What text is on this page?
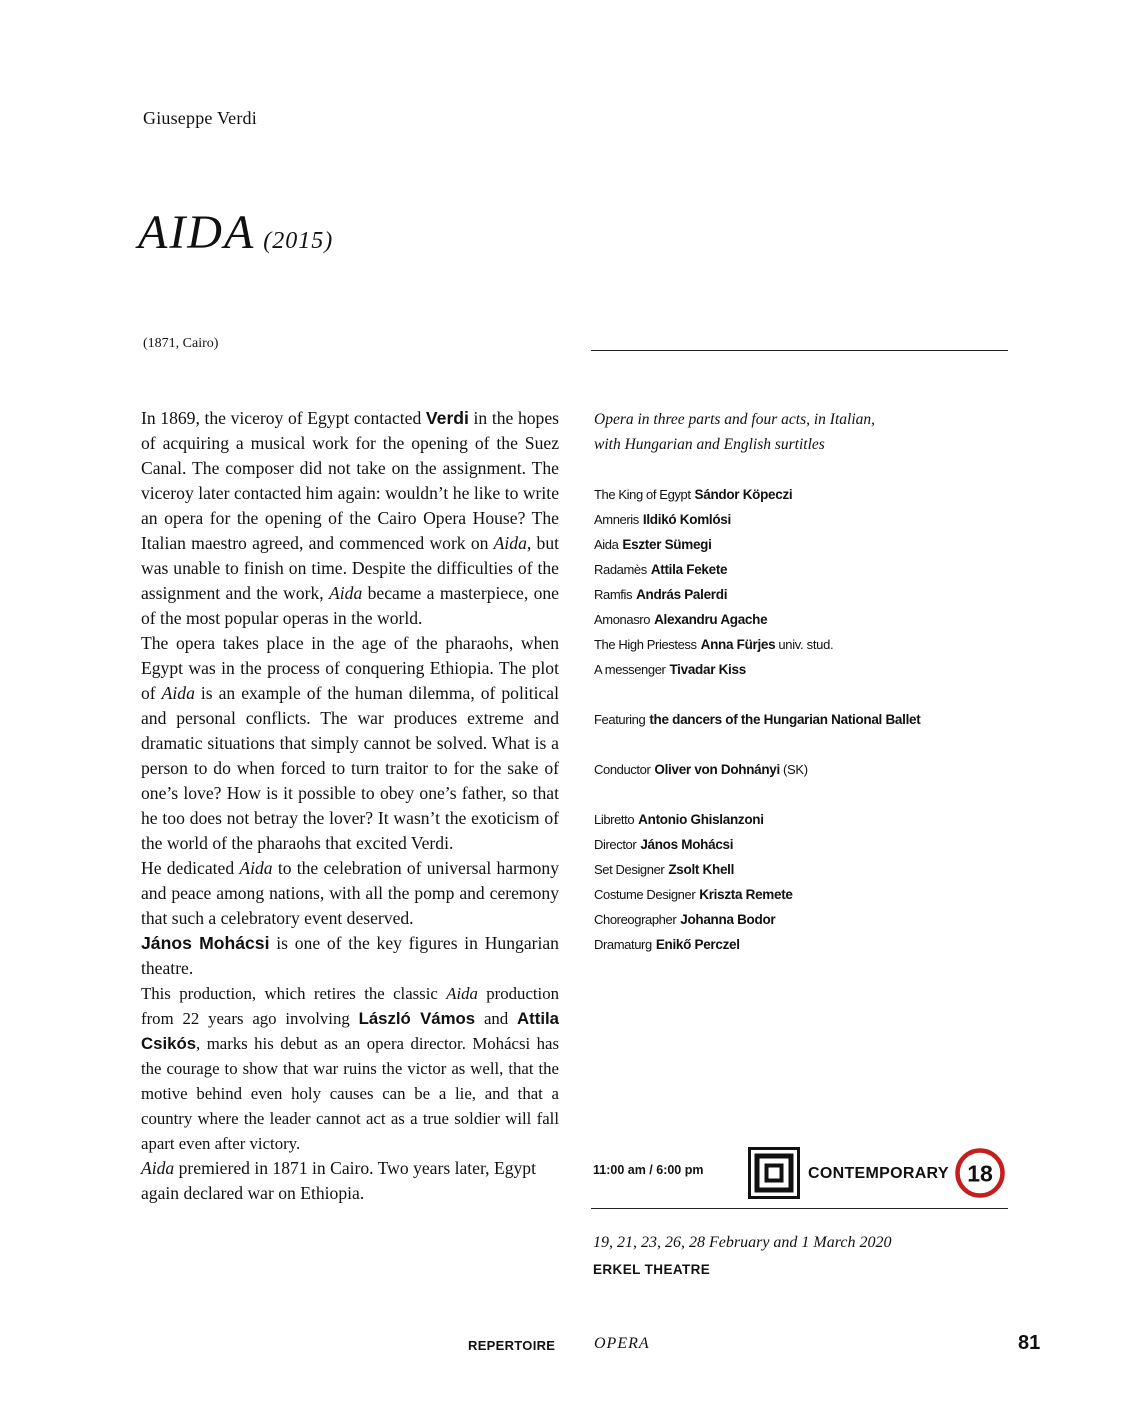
Giuseppe Verdi
AIDA (2015)
(1871, Cairo)

In 1869, the viceroy of Egypt contacted Verdi in the hopes of acquiring a musical work for the opening of the Suez Canal. The composer did not take on the assignment. The viceroy later contacted him again: wouldn’t he like to write an opera for the opening of the Cairo Opera House? The Italian maestro agreed, and commenced work on Aida, but was unable to finish on time. Despite the difficulties of the assignment and the work, Aida became a masterpiece, one of the most popular operas in the world.

The opera takes place in the age of the pharaohs, when Egypt was in the process of conquering Ethiopia. The plot of Aida is an example of the human dilemma, of political and personal conflicts. The war produces extreme and dramatic situations that simply cannot be solved. What is a person to do when forced to turn traitor to for the sake of one’s love? How is it possible to obey one’s father, so that he too does not betray the lover? It wasn’t the exoticism of the world of the pharaohs that excited Verdi.

He dedicated Aida to the celebration of universal harmony and peace among nations, with all the pomp and ceremony that such a celebratory event deserved.

János Mohácsi is one of the key figures in Hungarian theatre.

This production, which retires the classic Aida production from 22 years ago involving László Vámos and Attila Csikós, marks his debut as an opera director. Mohácsi has the courage to show that war ruins the victor as well, that the motive behind even holy causes can be a lie, and that a country where the leader cannot act as a true soldier will fall apart even after victory.

Aida premiered in 1871 in Cairo. Two years later, Egypt again declared war on Ethiopia.

Opera in three parts and four acts, in Italian,
with Hungarian and English surtitles
The King of Egypt Sándor Köpeczi
Amneris Ildikó Komlósi
Aida Eszter Sümegi
Radamès Attila Fekete
Ramfis András Palerdi
Amonasro Alexandru Agache
The High Priestess Anna Fürjes univ. stud.
A messenger Tivadar Kiss
Featuring the dancers of the Hungarian National Ballet
Conductor Oliver von Dohnányi (SK)
Libretto Antonio Ghislanzoni
Director János Mohácsi
Set Designer Zsolt Khell
Costume Designer Kriszta Remete
Choreographer Johanna Bodor
Dramaturg Enikő Perczel
11:00 am / 6:00 pm	CONTEMPORARY 18
19, 21, 23, 26, 28 February and 1 March 2020
ERKEL THEATRE
REPERTOIRE OPERA	81
